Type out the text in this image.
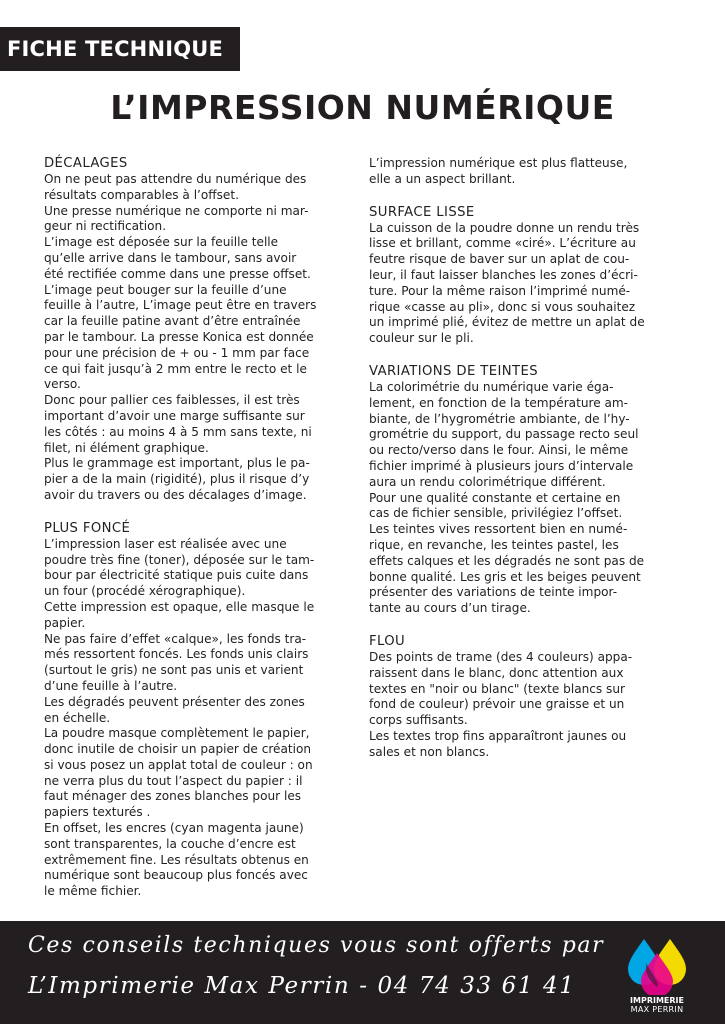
FICHE TECHNIQUE
L’IMPRESSION NUMÉRIQUE
DÉCALAGES

On ne peut pas attendre du numérique des
résultats comparables à l’offset.

Une presse numérique ne comporte ni mar-
geur ni rectification.

L’image est déposée sur la feuille telle
qu’elle arrive dans le tambour, sans avoir
été rectifiée comme dans une presse offset.

L’image peut bouger sur la feuille d’une
feuille à l’autre, L’image peut être en travers
car la feuille patine avant d’être entraînée
par le tambour. La presse Konica est donnée
pour une précision de + ou - 1 mm par face
ce qui fait jusqu’à 2 mm entre le recto et le
verso.

Donc pour pallier ces faiblesses, il est très
important d’avoir une marge suffisante sur
les côtés : au moins 4 à 5 mm sans texte, ni
filet, ni élément graphique.

Plus le grammage est important, plus le pa-
pier a de la main (rigidité), plus il risque d’y
avoir du travers ou des décalages d’image.

PLUS FONCÉ

L’impression laser est réalisée avec une
poudre très fine (toner), déposée sur le tam-
bour par électricité statique puis cuite dans
un four (procédé xérographique).

Cette impression est opaque, elle masque le
papier.

Ne pas faire d’effet «calque», les fonds tra-
més ressortent foncés. Les fonds unis clairs
(surtout le gris) ne sont pas unis et varient
d’une feuille à l’autre.

Les dégradés peuvent présenter des zones
en échelle.

La poudre masque complètement le papier,
donc inutile de choisir un papier de création
si vous posez un applat total de couleur : on
ne verra plus du tout l’aspect du papier : il
faut ménager des zones blanches pour les
papiers texturés .

En offset, les encres (cyan magenta jaune)
sont transparentes, la couche d’encre est
extrêmement fine. Les résultats obtenus en
numérique sont beaucoup plus foncés avec
le même fichier.

L’impression numérique est plus flatteuse,
elle a un aspect brillant.

SURFACE LISSE

La cuisson de la poudre donne un rendu très
lisse et brillant, comme «ciré». L’écriture au
feutre risque de baver sur un aplat de cou-
leur, il faut laisser blanches les zones d’écri-
ture. Pour la même raison l’imprimé numé-
rique «casse au pli», donc si vous souhaitez
un imprimé plié, évitez de mettre un aplat de
couleur sur le pli.

VARIATIONS DE TEINTES

La colorimétrie du numérique varie éga-
lement, en fonction de la température am-
biante, de l’hygrométrie ambiante, de l’hy-
grométrie du support, du passage recto seul
ou recto/verso dans le four. Ainsi, le même
fichier imprimé à plusieurs jours d’intervale
aura un rendu colorimétrique différent.

Pour une qualité constante et certaine en
cas de fichier sensible, privilégiez l’offset.

Les teintes vives ressortent bien en numé-
rique, en revanche, les teintes pastel, les
effets calques et les dégradés ne sont pas de
bonne qualité. Les gris et les beiges peuvent
présenter des variations de teinte impor-
tante au cours d’un tirage.

FLOU

Des points de trame (des 4 couleurs) appa-
raissent dans le blanc, donc attention aux
textes en "noir ou blanc" (texte blancs sur
fond de couleur) prévoir une graisse et un
corps suffisants.

Les textes trop fins apparaîtront jaunes ou
sales et non blancs.

Ces conseils techniques vous sont offerts par
L’Imprimerie Max Perrin - 04 74 33 61 41
IMPRIMERIE
MAX PERRIN
